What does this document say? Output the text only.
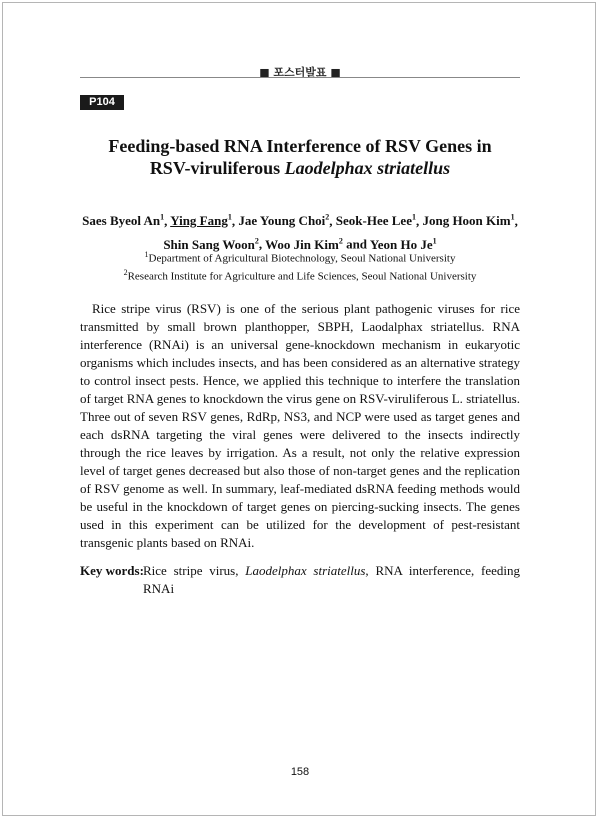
■ 포스터발표 ■
P104
Feeding-based RNA Interference of RSV Genes in
RSV-viruliferous Laodelphax striatellus
Saes Byeol An$^1$, Ying Fang$^1$, Jae Young Choi$^2$, Seok-Hee Lee$^1$, Jong Hoon Kim$^1$,
Shin Sang Woon$^2$, Woo Jin Kim$^2$ and Yeon Ho Je$^1$
$^1$Department of Agricultural Biotechnology, Seoul National University
$^2$Research Institute for Agriculture and Life Sciences, Seoul National University

Rice stripe virus (RSV) is one of the serious plant pathogenic viruses for rice transmitted by small brown planthopper, SBPH, Laodalphax striatellus. RNA interference (RNAi) is an universal gene-knockdown mechanism in eukaryotic organisms which includes insects, and has been considered as an alternative strategy to control insect pests. Hence, we applied this technique to interfere the translation of target RNA genes to knockdown the virus gene on RSV-viruliferous L. striatellus. Three out of seven RSV genes, RdRp, NS3, and NCP were used as target genes and each dsRNA targeting the viral genes were delivered to the insects indirectly through the rice leaves by irrigation. As a result, not only the relative expression level of target genes decreased but also those of non-target genes and the replication of RSV genome as well. In summary, leaf-mediated dsRNA feeding methods would be useful in the knockdown of target genes on piercing-sucking insects. The genes used in this experiment can be utilized for the development of pest-resistant transgenic plants based on RNAi.

Key words: Rice stripe virus, Laodelphax striatellus, RNA interference, feeding RNAi
158
